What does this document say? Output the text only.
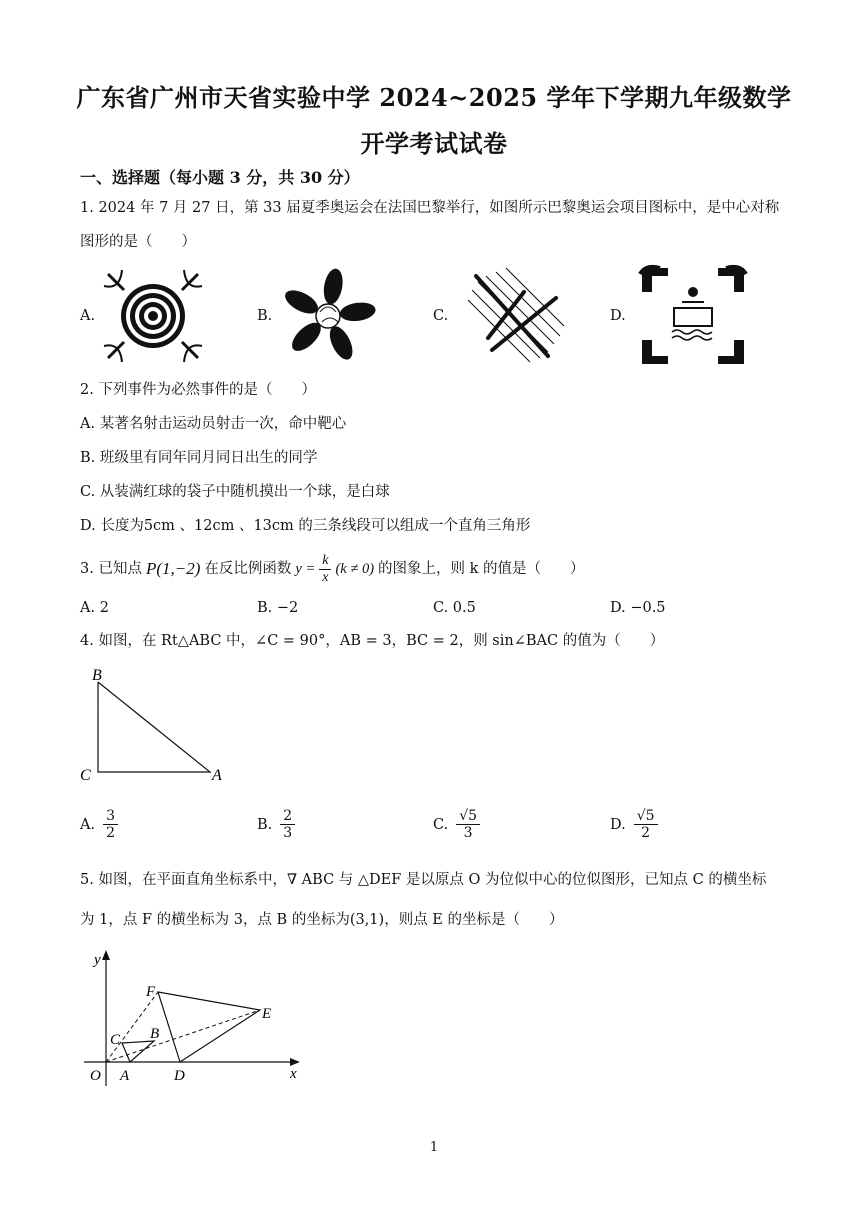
广东省广州市天省实验中学 2024~2025 学年下学期九年级数学
开学考试试卷
一、选择题（每小题 3 分，共 30 分）
1. 2024 年 7 月 27 日，第 33 届夏季奥运会在法国巴黎举行，如图所示巴黎奥运会项目图标中，是中心对称
图形的是（　　）
A.	B.	C.	D.
2. 下列事件为必然事件的是（　　）
A. 某著名射击运动员射击一次，命中靶心
B. 班级里有同年同月同日出生的同学
C. 从装满红球的袋子中随机摸出一个球，是白球
D. 长度为5cm 、12cm 、13cm 的三条线段可以组成一个直角三角形
3. 已知点 P(1,−2) 在反比例函数 $y = \frac{k}{x} (k \ne 0)$ 的图象上，则 k 的值是（　　）
A. 2	B. −2	C. 0.5	D. −0.5
4. 如图，在 Rt△ABC 中，∠C = 90°，AB = 3，BC = 2，则 sin∠BAC 的值为（　　）
B
C	A
A. $\frac{3}{2}$	B. $\frac{2}{3}$	C. $\frac{√5}{3}$	D. $\frac{√5}{2}$
5. 如图，在平面直角坐标系中，∇ ABC 与 △DEF 是以原点 O 为位似中心的位似图形，已知点 C 的横坐标
为 1，点 F 的横坐标为 3，点 B 的坐标为(3,1)，则点 E 的坐标是（　　）
y
x
O A
B
C
D
E
F
1
